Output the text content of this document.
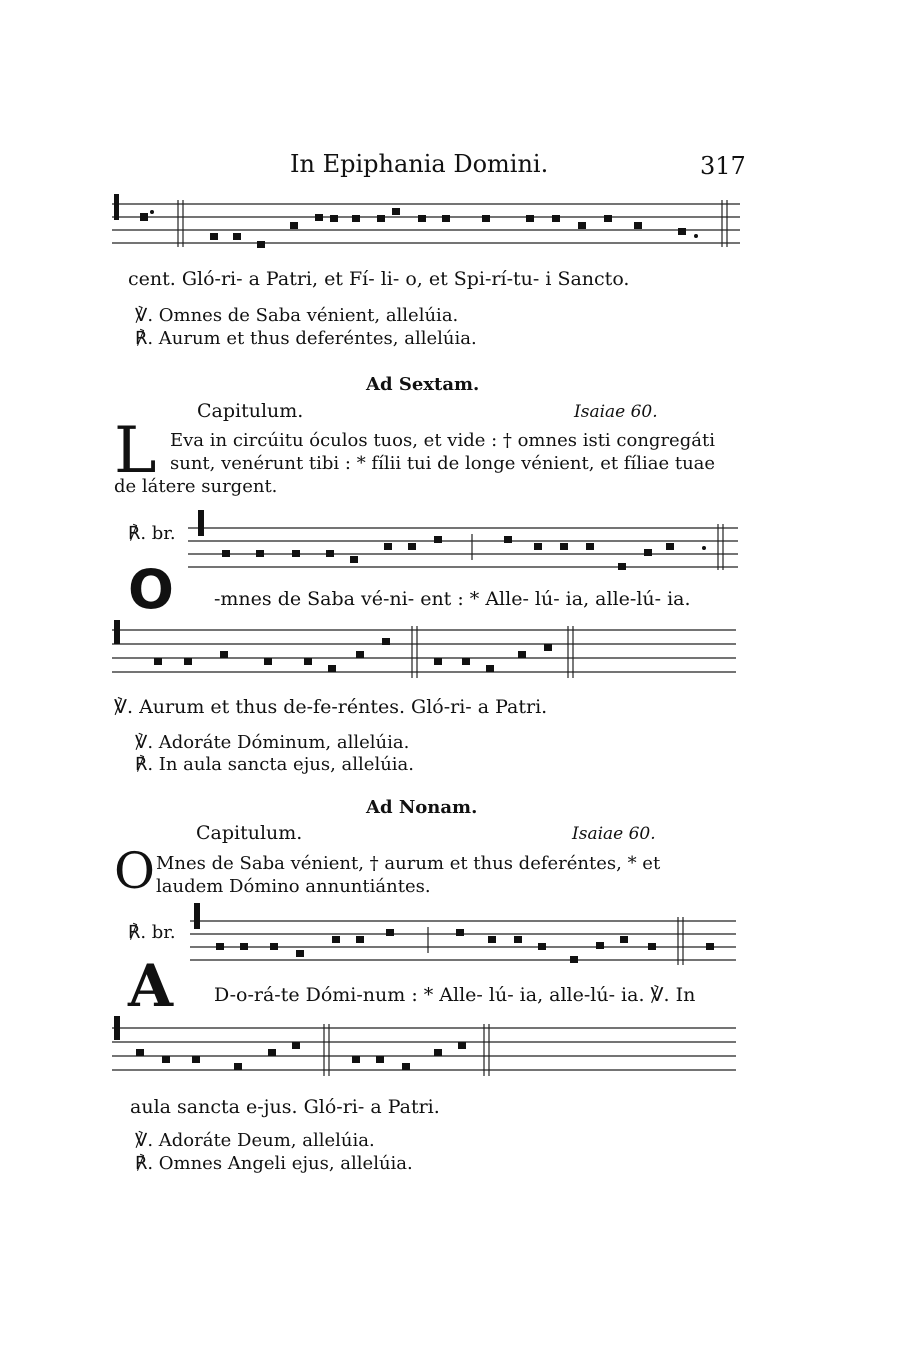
In Epiphania Domini.	317
cent. Gló-ri- a Patri, et Fí- li- o, et Spi-rí-tu- i Sancto.
℣. Omnes de Saba vénient, allelúia.
℟. Aurum et thus deferéntes, allelúia.
Ad Sextam.
Capitulum.	Isaiae 60.
L Eva in circúitu óculos tuos, et vide : † omnes isti congregáti
sunt, venérunt tibi : * fílii tui de longe vénient, et fíliae tuae
de látere surgent.
℟. br.
O -mnes de Saba vé-ni- ent : * Alle- lú- ia, alle-lú- ia.
℣. Aurum et thus de-fe-réntes. Gló-ri- a Patri.
℣. Adoráte Dóminum, allelúia.
℟. In aula sancta ejus, allelúia.
Ad Nonam.
Capitulum.	Isaiae 60.
O Mnes de Saba vénient, † aurum et thus deferéntes, * et
laudem Dómino annuntiántes.
℟. br.
A D-o-rá-te Dómi-num : * Alle- lú- ia, alle-lú- ia. ℣. In
aula sancta e-jus. Gló-ri- a Patri.
℣. Adoráte Deum, allelúia.
℟. Omnes Angeli ejus, allelúia.
